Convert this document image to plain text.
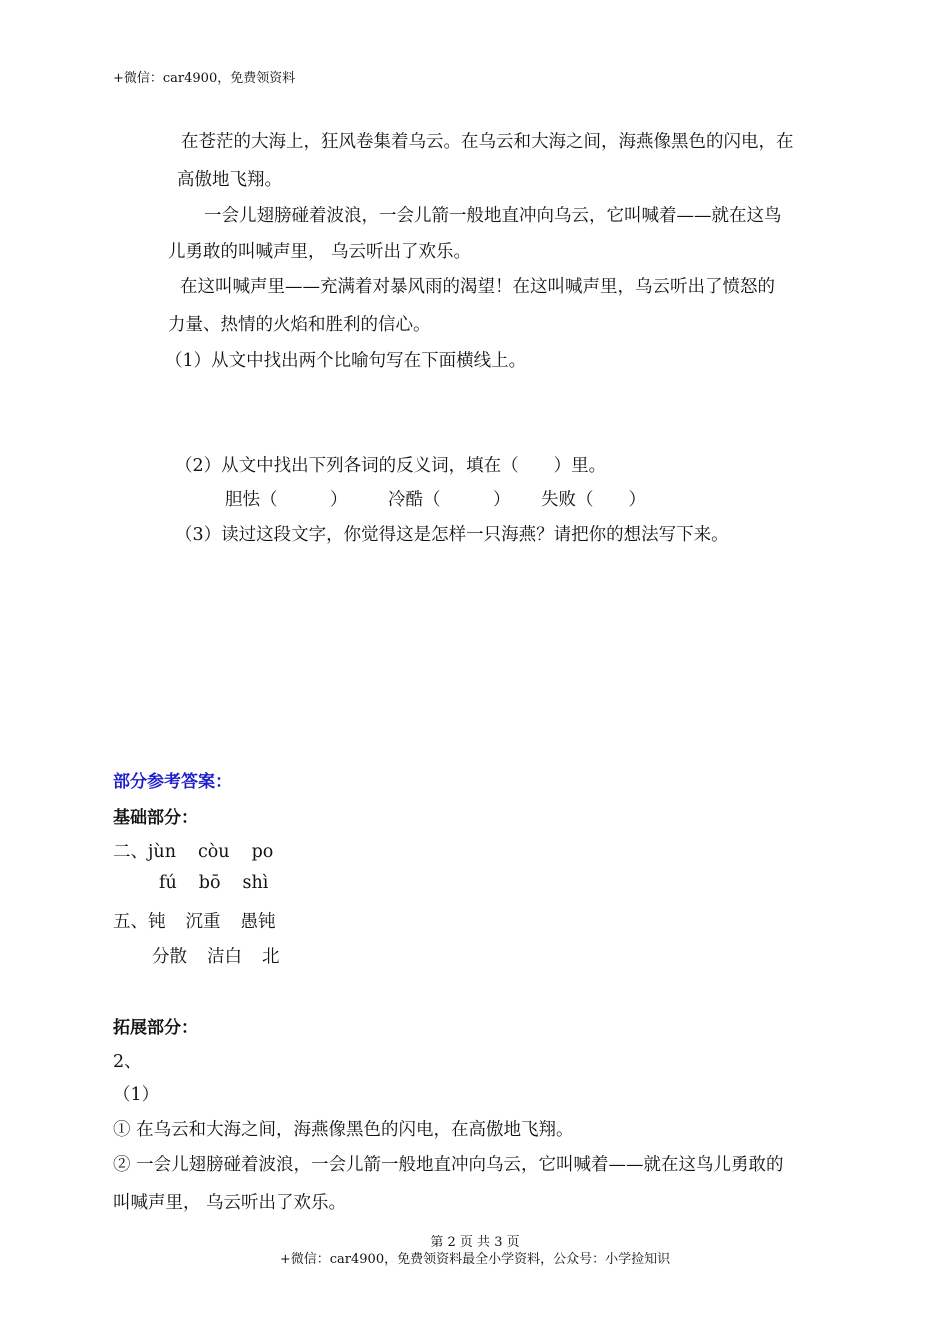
+微信：car4900，免费领资料
在苍茫的大海上，狂风卷集着乌云。在乌云和大海之间，海燕像黑色的闪电，在
高傲地飞翔。
一会儿翅膀碰着波浪，一会儿箭一般地直冲向乌云，它叫喊着——就在这鸟
儿勇敢的叫喊声里， 乌云听出了欢乐。
在这叫喊声里——充满着对暴风雨的渴望！在这叫喊声里，乌云听出了愤怒的
力量、热情的火焰和胜利的信心。
（1）从文中找出两个比喻句写在下面横线上。
（2）从文中找出下列各词的反义词，填在（　　）里。
胆怯（　　　） 冷酷（　　　） 失败（　　）
（3）读过这段文字，你觉得这是怎样一只海燕？请把你的想法写下来。
部分参考答案：
基础部分：
二、jùn còu po
fú bō shì
五、钝 沉重 愚钝
分散 洁白 北
拓展部分：
2、
（1）
① 在乌云和大海之间，海燕像黑色的闪电，在高傲地飞翔。
② 一会儿翅膀碰着波浪，一会儿箭一般地直冲向乌云，它叫喊着——就在这鸟儿勇敢的
叫喊声里， 乌云听出了欢乐。
第 2 页 共 3 页
+微信：car4900，免费领资料最全小学资料，公众号：小学捡知识
